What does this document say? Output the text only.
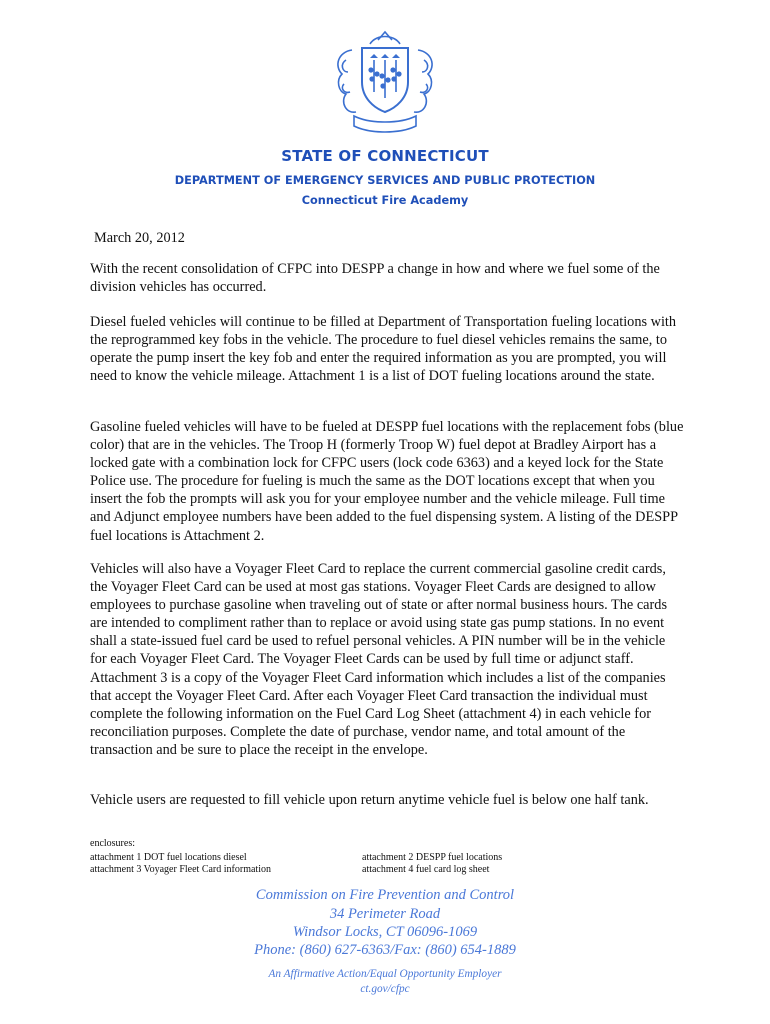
STATE OF CONNECTICUT
DEPARTMENT OF EMERGENCY SERVICES AND PUBLIC PROTECTION
Connecticut Fire Academy
March 20, 2012

With the recent consolidation of CFPC into DESPP a change in how and where we fuel some of the division vehicles has occurred.

Diesel fueled vehicles will continue to be filled at Department of Transportation fueling locations with the reprogrammed key fobs in the vehicle. The procedure to fuel diesel vehicles remains the same, to operate the pump insert the key fob and enter the required information as you are prompted, you will need to know the vehicle mileage. Attachment 1 is a list of DOT fueling locations around the state.

Gasoline fueled vehicles will have to be fueled at DESPP fuel locations with the replacement fobs (blue color) that are in the vehicles. The Troop H (formerly Troop W) fuel depot at Bradley Airport has a locked gate with a combination lock for CFPC users (lock code 6363) and a keyed lock for the State Police use. The procedure for fueling is much the same as the DOT locations except that when you insert the fob the prompts will ask you for your employee number and the vehicle mileage. Full time and Adjunct employee numbers have been added to the fuel dispensing system. A listing of the DESPP fuel locations is Attachment 2.

Vehicles will also have a Voyager Fleet Card to replace the current commercial gasoline credit cards, the Voyager Fleet Card can be used at most gas stations. Voyager Fleet Cards are designed to allow employees to purchase gasoline when traveling out of state or after normal business hours. The cards are intended to compliment rather than to replace or avoid using state gas pump stations. In no event shall a state-issued fuel card be used to refuel personal vehicles. A PIN number will be in the vehicle for each Voyager Fleet Card. The Voyager Fleet Cards can be used by full time or adjunct staff. Attachment 3 is a copy of the Voyager Fleet Card information which includes a list of the companies that accept the Voyager Fleet Card. After each Voyager Fleet Card transaction the individual must complete the following information on the Fuel Card Log Sheet (attachment 4) in each vehicle for reconciliation purposes. Complete the date of purchase, vendor name, and total amount of the transaction and be sure to place the receipt in the envelope.

Vehicle users are requested to fill vehicle upon return anytime vehicle fuel is below one half tank.

enclosures:
attachment 1 DOT fuel locations diesel	attachment 2 DESPP fuel locations
attachment 3 Voyager Fleet Card information	attachment 4 fuel card log sheet
Commission on Fire Prevention and Control
34 Perimeter Road
Windsor Locks, CT 06096-1069
Phone: (860) 627-6363/Fax: (860) 654-1889
An Affirmative Action/Equal Opportunity Employer
ct.gov/cfpc
